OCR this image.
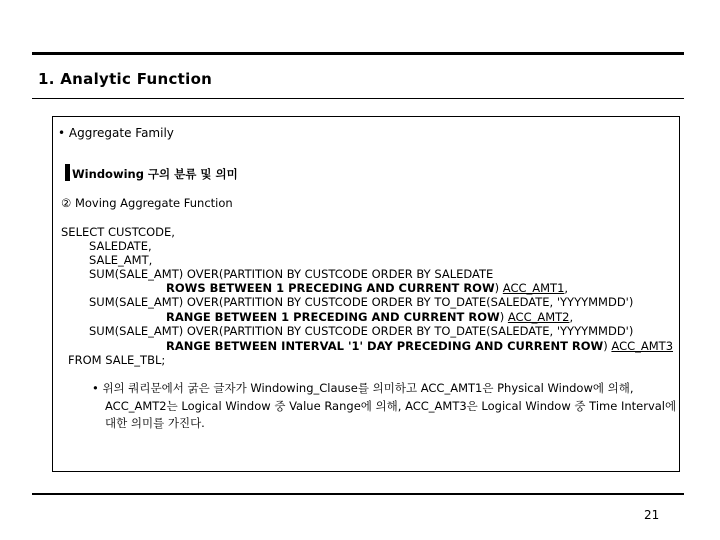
1. Analytic Function
• Aggregate Family
Windowing 구의 분류 및 의미
② Moving Aggregate Function
SELECT CUSTCODE,
SALEDATE,
SALE_AMT,
SUM(SALE_AMT) OVER(PARTITION BY CUSTCODE ORDER BY SALEDATE
ROWS BETWEEN 1 PRECEDING AND CURRENT ROW) ACC_AMT1,
SUM(SALE_AMT) OVER(PARTITION BY CUSTCODE ORDER BY TO_DATE(SALEDATE, 'YYYYMMDD')
RANGE BETWEEN 1 PRECEDING AND CURRENT ROW) ACC_AMT2,
SUM(SALE_AMT) OVER(PARTITION BY CUSTCODE ORDER BY TO_DATE(SALEDATE, 'YYYYMMDD')
RANGE BETWEEN INTERVAL '1' DAY PRECEDING AND CURRENT ROW) ACC_AMT3
FROM SALE_TBL;
• 위의 쿼리문에서 굵은 글자가 Windowing_Clause를 의미하고 ACC_AMT1은 Physical Window에 의해,
ACC_AMT2는 Logical Window 중 Value Range에 의해, ACC_AMT3은 Logical Window 중 Time Interval에
대한 의미를 가진다.
21
